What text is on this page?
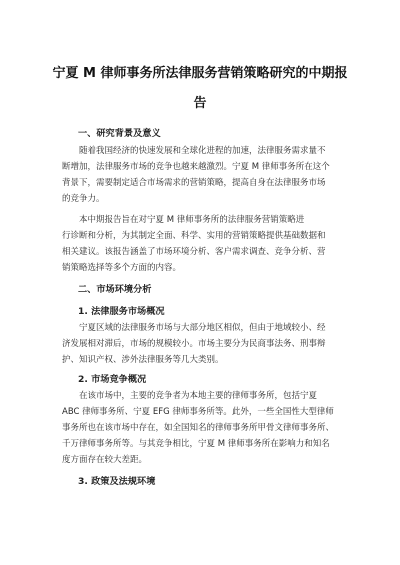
宁夏 M 律师事务所法律服务营销策略研究的中期报
告
一、研究背景及意义

随着我国经济的快速发展和全球化进程的加速，法律服务需求量不
断增加，法律服务市场的竞争也越来越激烈。宁夏 M 律师事务所在这个
背景下，需要制定适合市场需求的营销策略，提高自身在法律服务市场
的竞争力。

本中期报告旨在对宁夏 M 律师事务所的法律服务营销策略进
行诊断和分析，为其制定全面、科学、实用的营销策略提供基础数据和
相关建议。该报告涵盖了市场环境分析、客户需求调查、竞争分析、营
销策略选择等多个方面的内容。

二、市场环境分析
1. 法律服务市场概况

宁夏区域的法律服务市场与大部分地区相似，但由于地域较小、经
济发展相对滞后，市场的规模较小。市场主要分为民商事法务、刑事辩
护、知识产权、涉外法律服务等几大类别。

2. 市场竞争概况

在该市场中，主要的竞争者为本地主要的律师事务所，包括宁夏
ABC 律师事务所、宁夏 EFG 律师事务所等。此外，一些全国性大型律师
事务所也在该市场中存在，如全国知名的律师事务所甲骨文律师事务所、
千万律师事务所等。与其竞争相比，宁夏 M 律师事务所在影响力和知名
度方面存在较大差距。

3. 政策及法规环境
